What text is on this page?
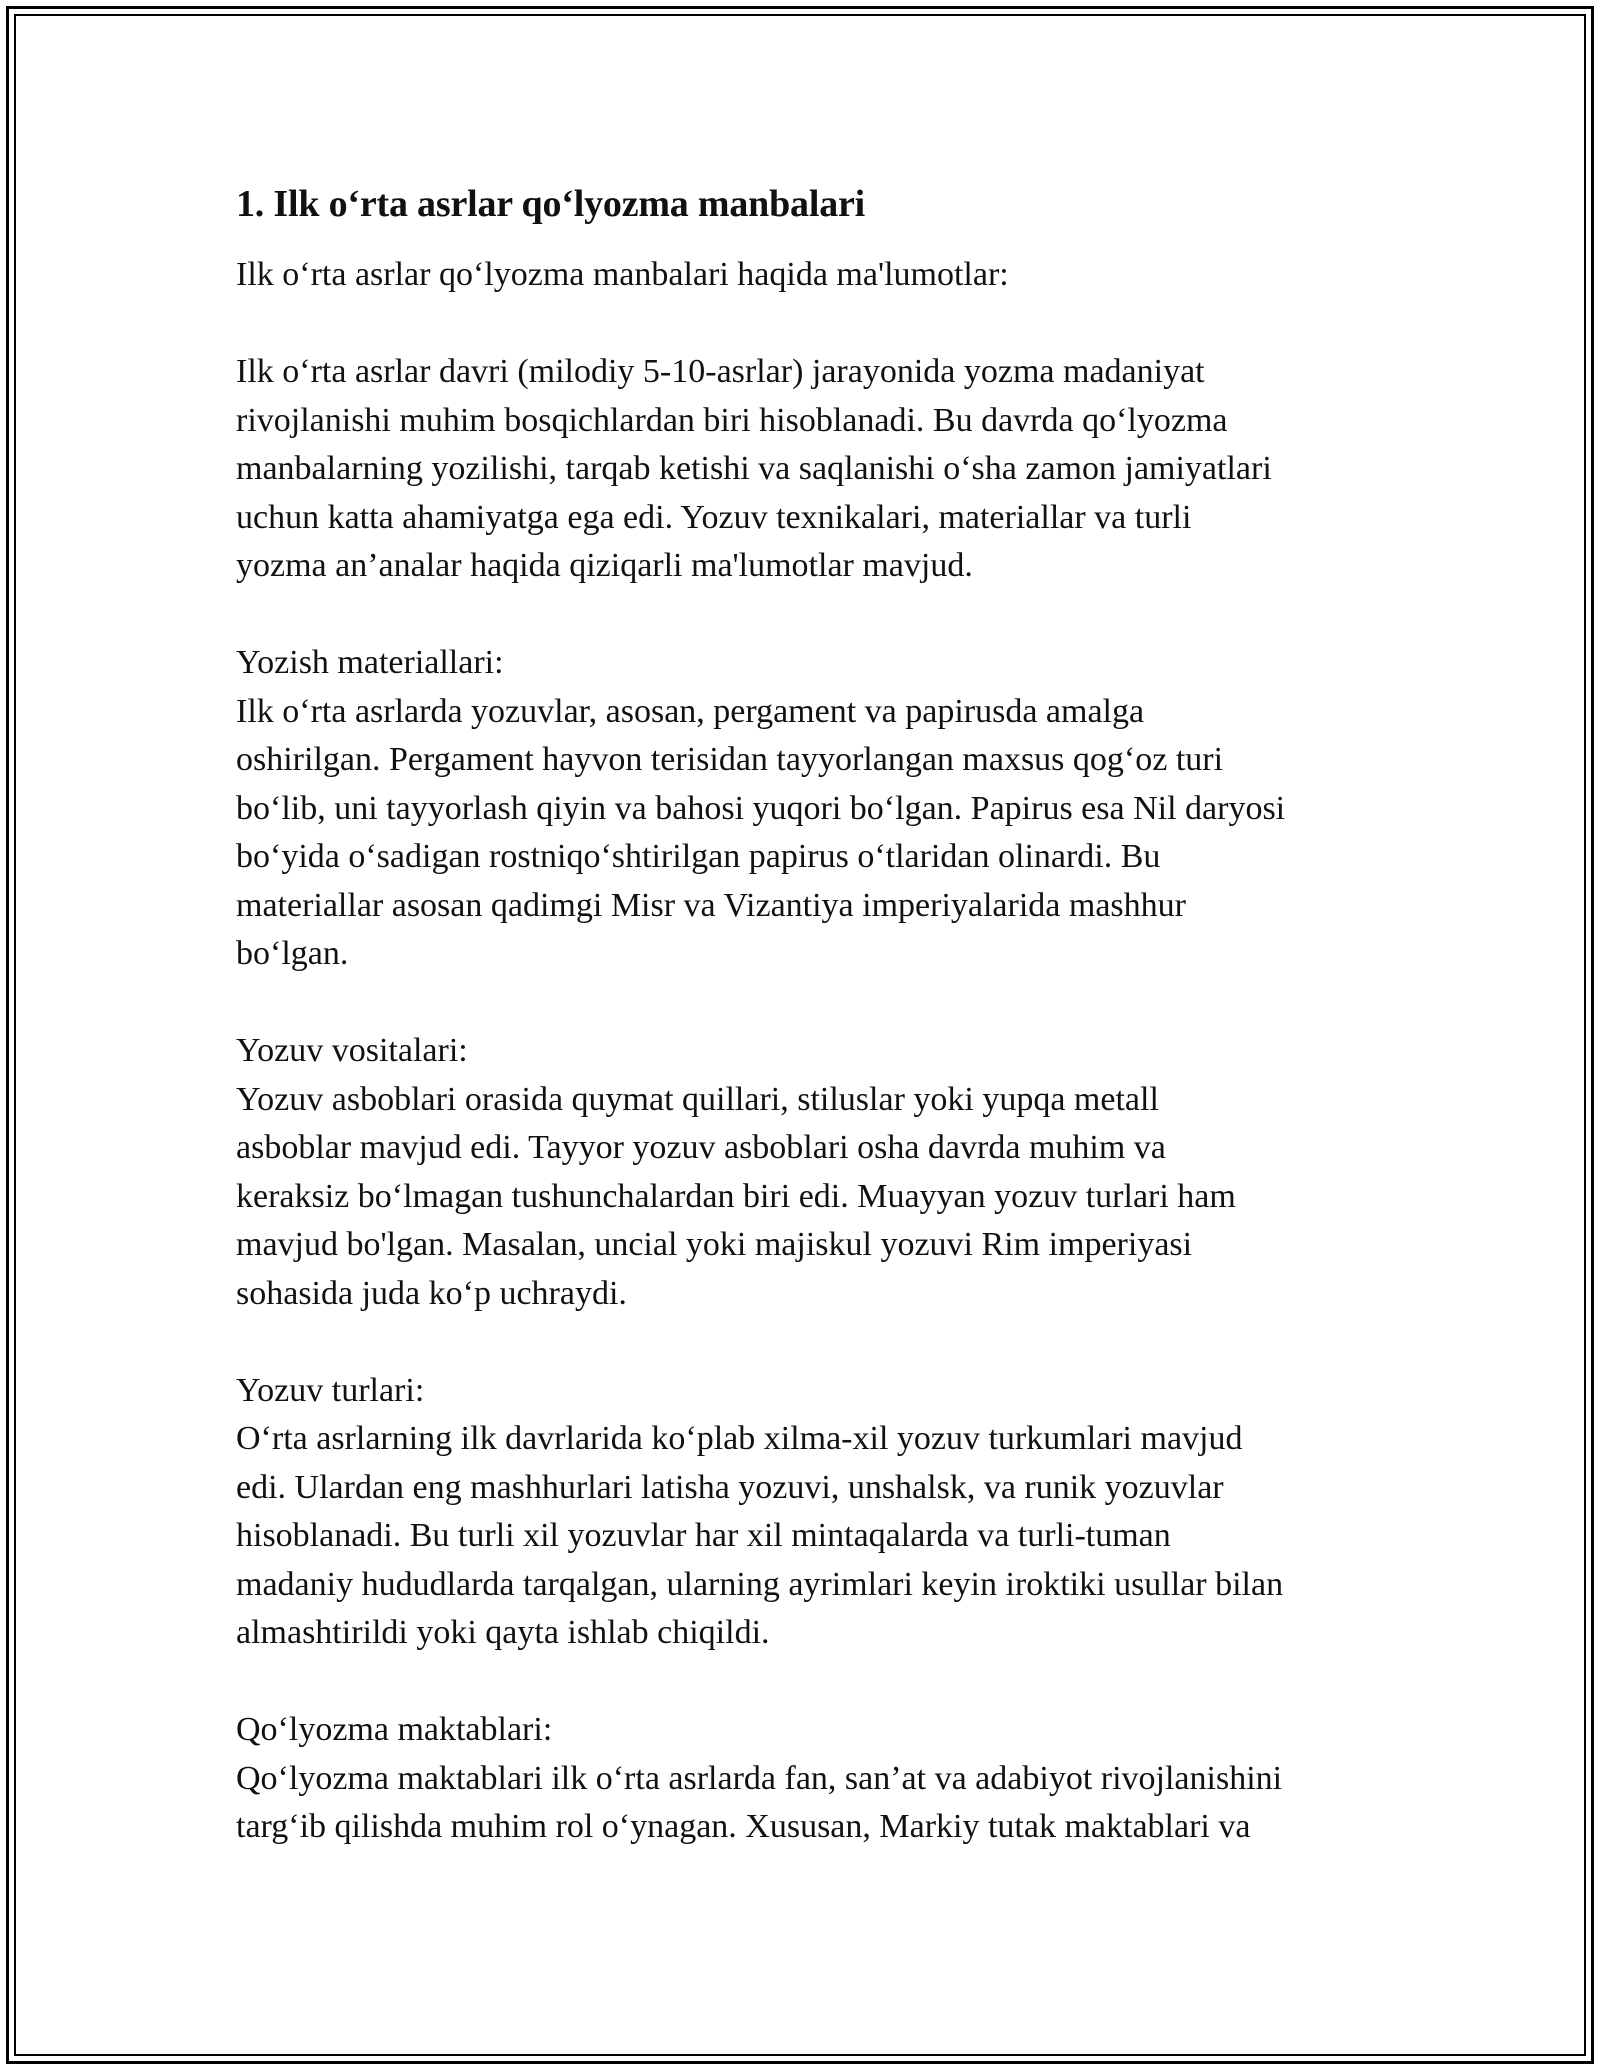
1. Ilk o‘rta asrlar qo‘lyozma manbalari

Ilk o‘rta asrlar qo‘lyozma manbalari haqida ma'lumotlar:

Ilk o‘rta asrlar davri (milodiy 5-10-asrlar) jarayonida yozma madaniyat
rivojlanishi muhim bosqichlardan biri hisoblanadi. Bu davrda qo‘lyozma
manbalarning yozilishi, tarqab ketishi va saqlanishi o‘sha zamon jamiyatlari
uchun katta ahamiyatga ega edi. Yozuv texnikalari, materiallar va turli
yozma an’analar haqida qiziqarli ma'lumotlar mavjud.

Yozish materiallari:

Ilk o‘rta asrlarda yozuvlar, asosan, pergament va papirusda amalga
oshirilgan. Pergament hayvon terisidan tayyorlangan maxsus qog‘oz turi
bo‘lib, uni tayyorlash qiyin va bahosi yuqori bo‘lgan. Papirus esa Nil daryosi
bo‘yida o‘sadigan rostniqo‘shtirilgan papirus o‘tlaridan olinardi. Bu
materiallar asosan qadimgi Misr va Vizantiya imperiyalarida mashhur
bo‘lgan.

Yozuv vositalari:

Yozuv asboblari orasida quymat quillari, stiluslar yoki yupqa metall
asboblar mavjud edi. Tayyor yozuv asboblari osha davrda muhim va
keraksiz bo‘lmagan tushunchalardan biri edi. Muayyan yozuv turlari ham
mavjud bo'lgan. Masalan, uncial yoki majiskul yozuvi Rim imperiyasi
sohasida juda ko‘p uchraydi.

Yozuv turlari:

O‘rta asrlarning ilk davrlarida ko‘plab xilma-xil yozuv turkumlari mavjud
edi. Ulardan eng mashhurlari latisha yozuvi, unshalsk, va runik yozuvlar
hisoblanadi. Bu turli xil yozuvlar har xil mintaqalarda va turli-tuman
madaniy hududlarda tarqalgan, ularning ayrimlari keyin iroktiki usullar bilan
almashtirildi yoki qayta ishlab chiqildi.

Qo‘lyozma maktablari:

Qo‘lyozma maktablari ilk o‘rta asrlarda fan, san’at va adabiyot rivojlanishini
targ‘ib qilishda muhim rol o‘ynagan. Xususan, Markiy tutak maktablari va
